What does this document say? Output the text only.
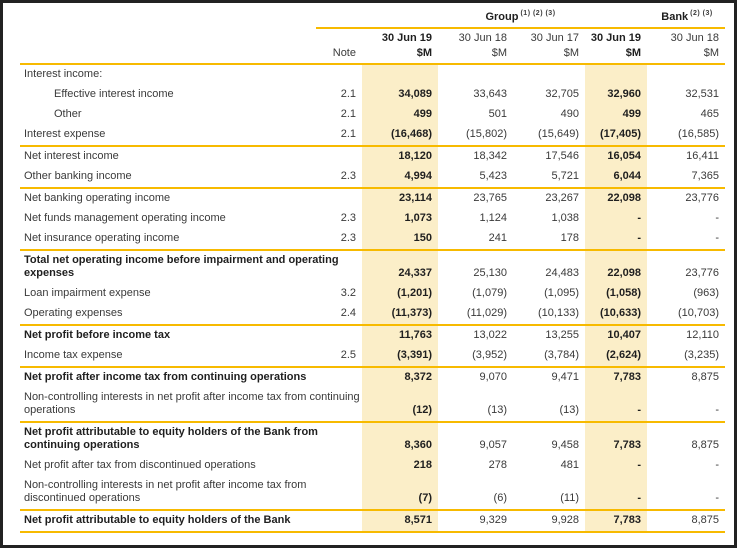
		Group $^{(1) (2) (3)}$			Bank $^{(2) (3)}$
		30 Jun 19	30 Jun 18	30 Jun 17	30 Jun 19	30 Jun 18
	Note	$M	$M	$M	$M	$M
Interest income:						
Effective interest income	2.1	34,089	33,643	32,705	32,960	32,531
Other	2.1	499	501	490	499	465
Interest expense	2.1	(16,468)	(15,802)	(15,649)	(17,405)	(16,585)
Net interest income		18,120	18,342	17,546	16,054	16,411
Other banking income	2.3	4,994	5,423	5,721	6,044	7,365
Net banking operating income		23,114	23,765	23,267	22,098	23,776
Net funds management operating income	2.3	1,073	1,124	1,038	-	-
Net insurance operating income	2.3	150	241	178	-	-
Total net operating income before impairment and operating expenses		24,337	25,130	24,483	22,098	23,776
Loan impairment expense	3.2	(1,201)	(1,079)	(1,095)	(1,058)	(963)
Operating expenses	2.4	(11,373)	(11,029)	(10,133)	(10,633)	(10,703)
Net profit before income tax		11,763	13,022	13,255	10,407	12,110
Income tax expense	2.5	(3,391)	(3,952)	(3,784)	(2,624)	(3,235)
Net profit after income tax from continuing operations		8,372	9,070	9,471	7,783	8,875
Non-controlling interests in net profit after income tax from continuing operations		(12)	(13)	(13)	-	-
Net profit attributable to equity holders of the Bank from continuing operations		8,360	9,057	9,458	7,783	8,875
Net profit after tax from discontinued operations		218	278	481	-	-
Non-controlling interests in net profit after income tax from discontinued operations		(7)	(6)	(11)	-	-
Net profit attributable to equity holders of the Bank		8,571	9,329	9,928	7,783	8,875
